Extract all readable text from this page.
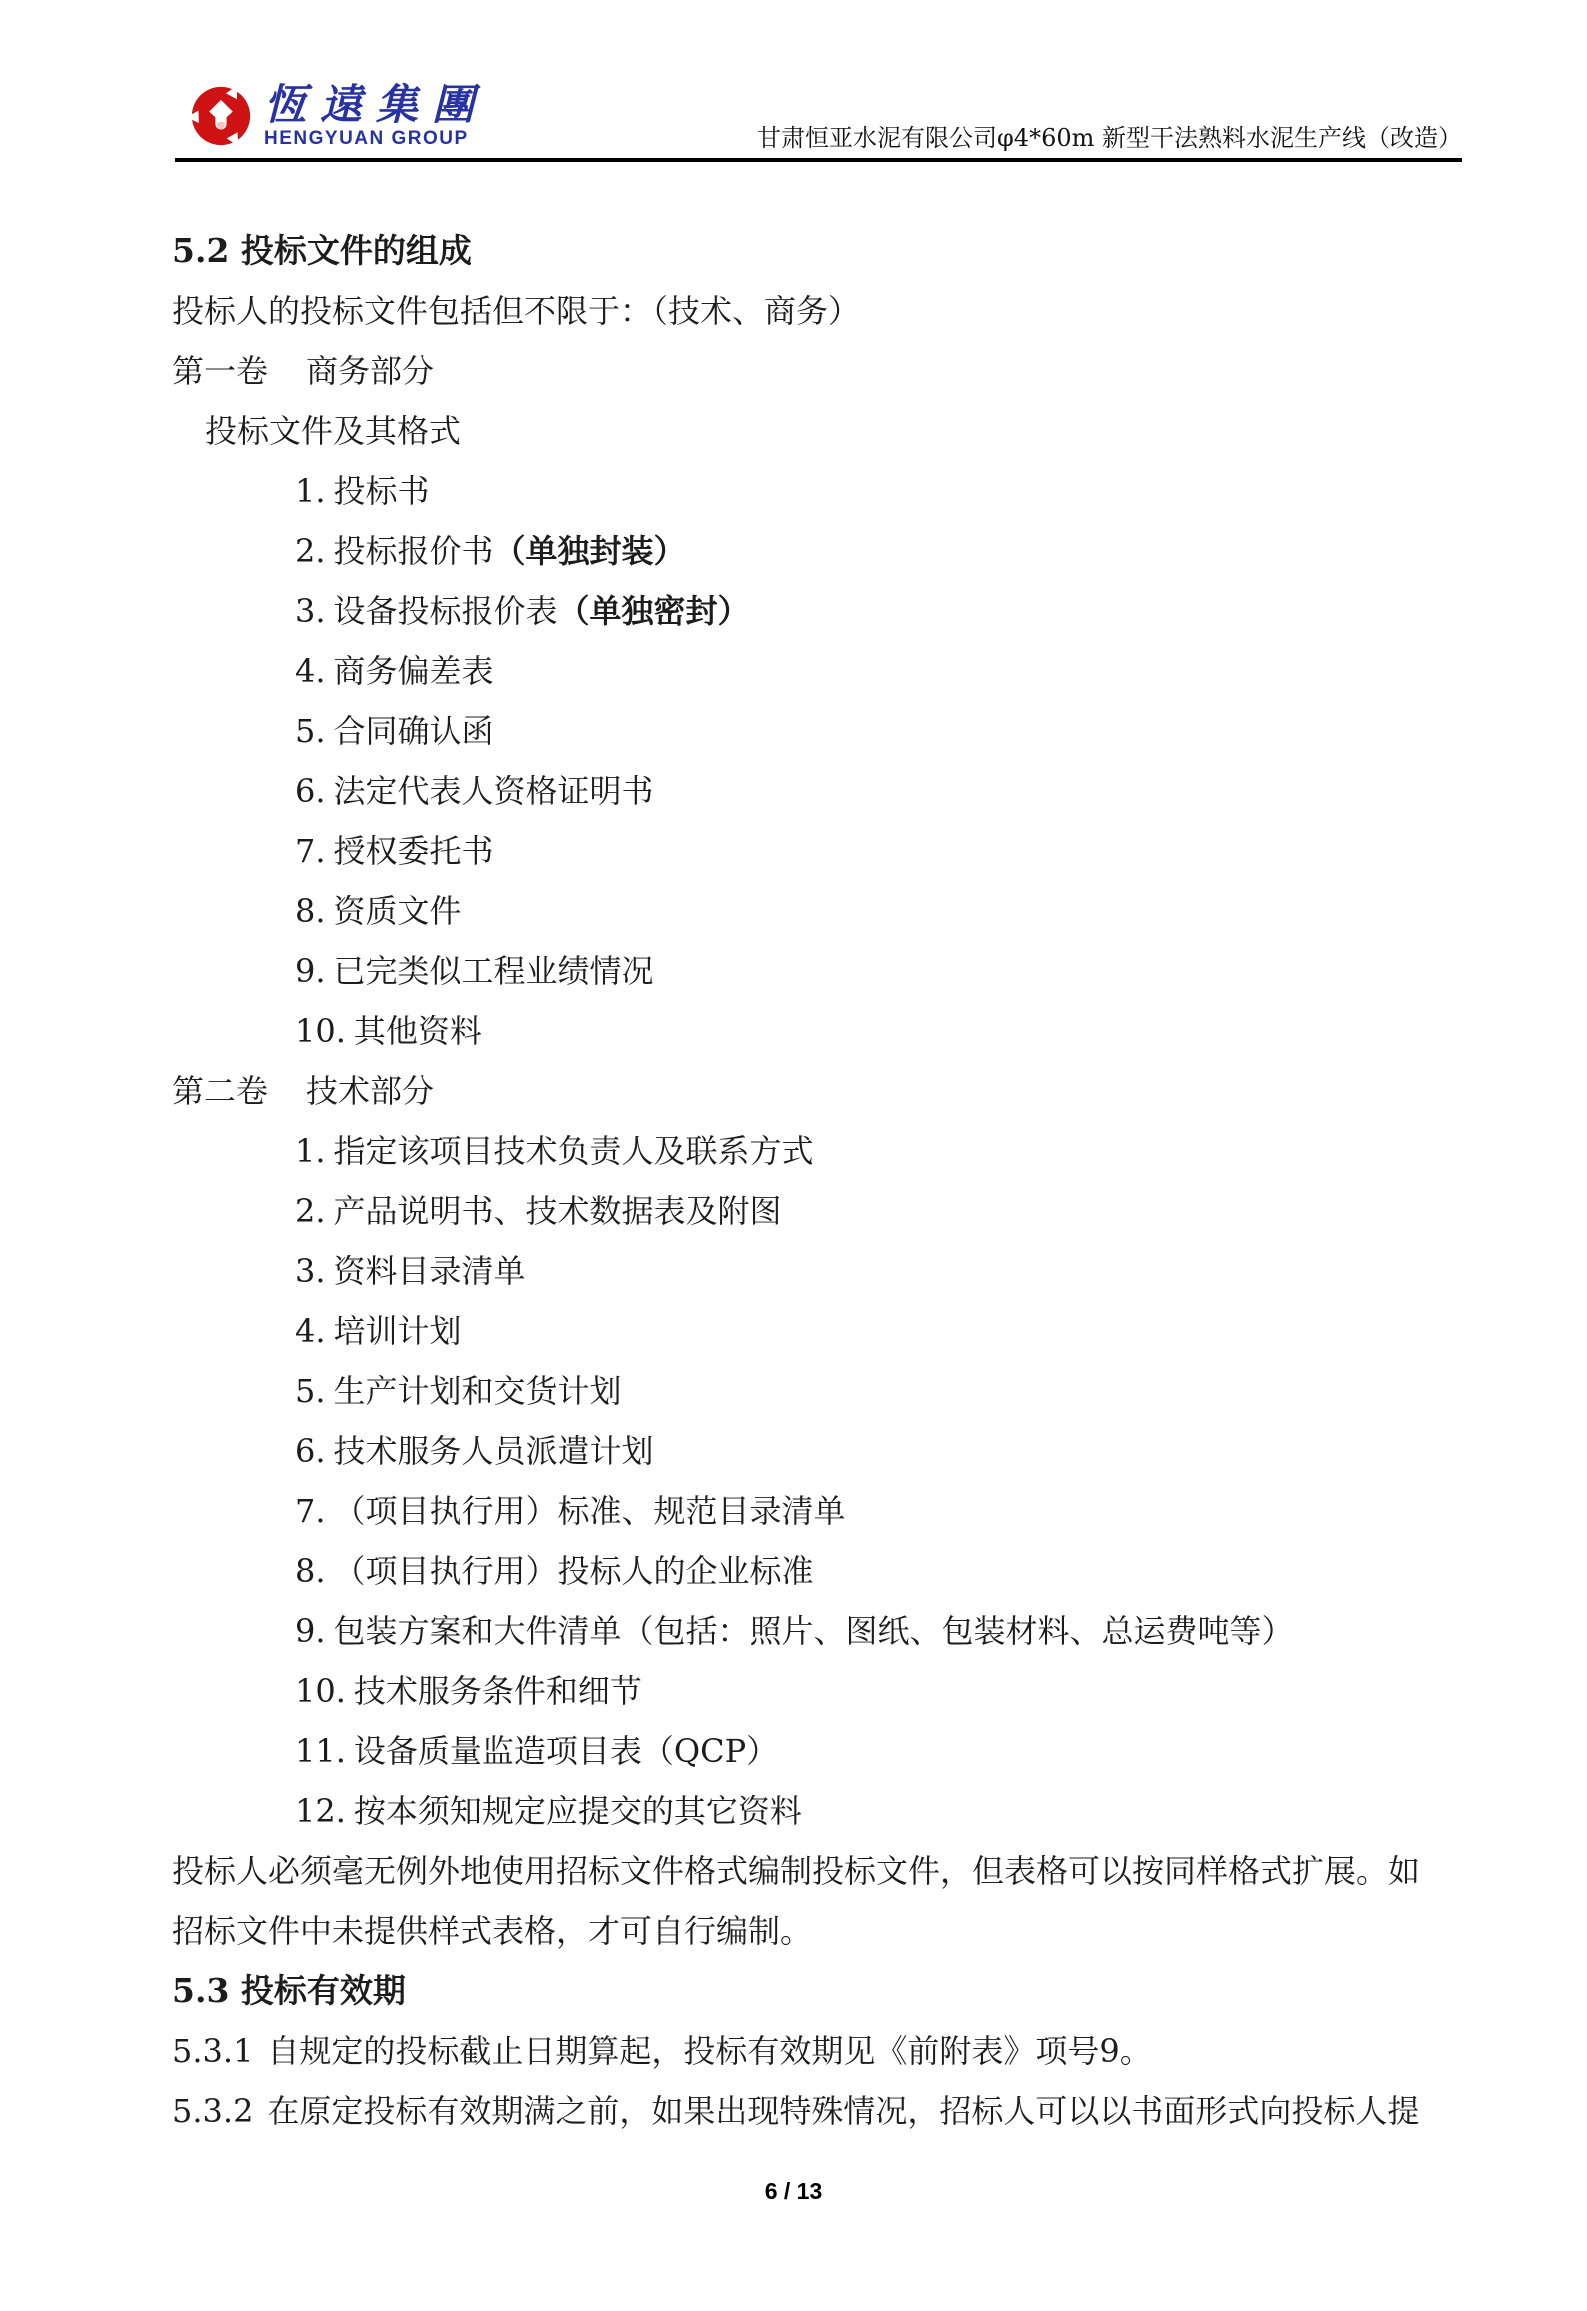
恆遠集團
HENGYUAN GROUP	甘肃恒亚水泥有限公司φ4*60m 新型干法熟料水泥生产线（改造）
5.2 投标文件的组成
投标人的投标文件包括但不限于：（技术、商务）
第一卷 商务部分
投标文件及其格式
1. 投标书
2. 投标报价书（单独封装）
3. 设备投标报价表（单独密封）
4. 商务偏差表
5. 合同确认函
6. 法定代表人资格证明书
7. 授权委托书
8. 资质文件
9. 已完类似工程业绩情况
10. 其他资料
第二卷 技术部分
1. 指定该项目技术负责人及联系方式
2. 产品说明书、技术数据表及附图
3. 资料目录清单
4. 培训计划
5. 生产计划和交货计划
6. 技术服务人员派遣计划
7. （项目执行用）标准、规范目录清单
8. （项目执行用）投标人的企业标准
9. 包装方案和大件清单（包括：照片、图纸、包装材料、总运费吨等）
10. 技术服务条件和细节
11. 设备质量监造项目表（QCP）
12. 按本须知规定应提交的其它资料
投标人必须毫无例外地使用招标文件格式编制投标文件，但表格可以按同样格式扩展。如
招标文件中未提供样式表格，才可自行编制。
5.3 投标有效期
5.3.1 自规定的投标截止日期算起，投标有效期见《前附表》项号9。
5.3.2 在原定投标有效期满之前，如果出现特殊情况，招标人可以以书面形式向投标人提
6 / 13
